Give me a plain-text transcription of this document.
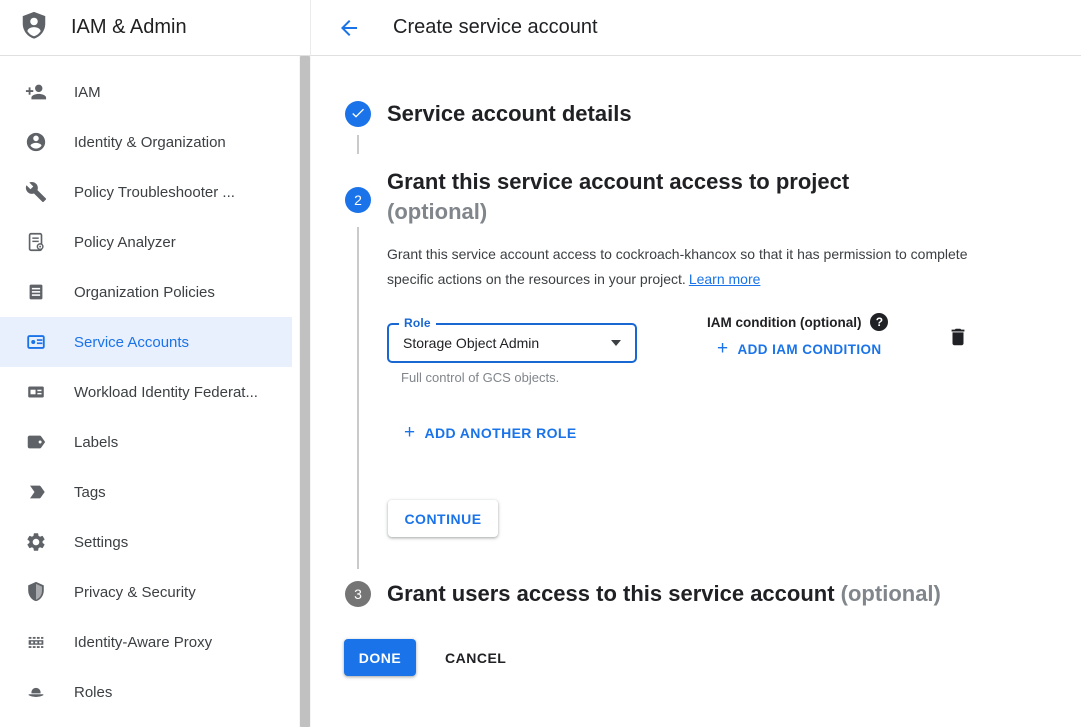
IAM & Admin
IAM
Identity & Organization
Policy Troubleshooter ...
Policy Analyzer
Organization Policies
Service Accounts
Workload Identity Federat...
Labels
Tags
Settings
Privacy & Security
Identity-Aware Proxy
Roles
Create service account
Service account details
2
Grant this service account access to project
(optional)

Grant this service account access to cockroach-khancox so that it has permission to complete specific actions on the resources in your project. Learn more

Role
Storage Object Admin
Full control of GCS objects.
IAM condition (optional)	?
+ ADD IAM CONDITION
+ ADD ANOTHER ROLE
CONTINUE
3 Grant users access to this service account (optional)
DONE	CANCEL
